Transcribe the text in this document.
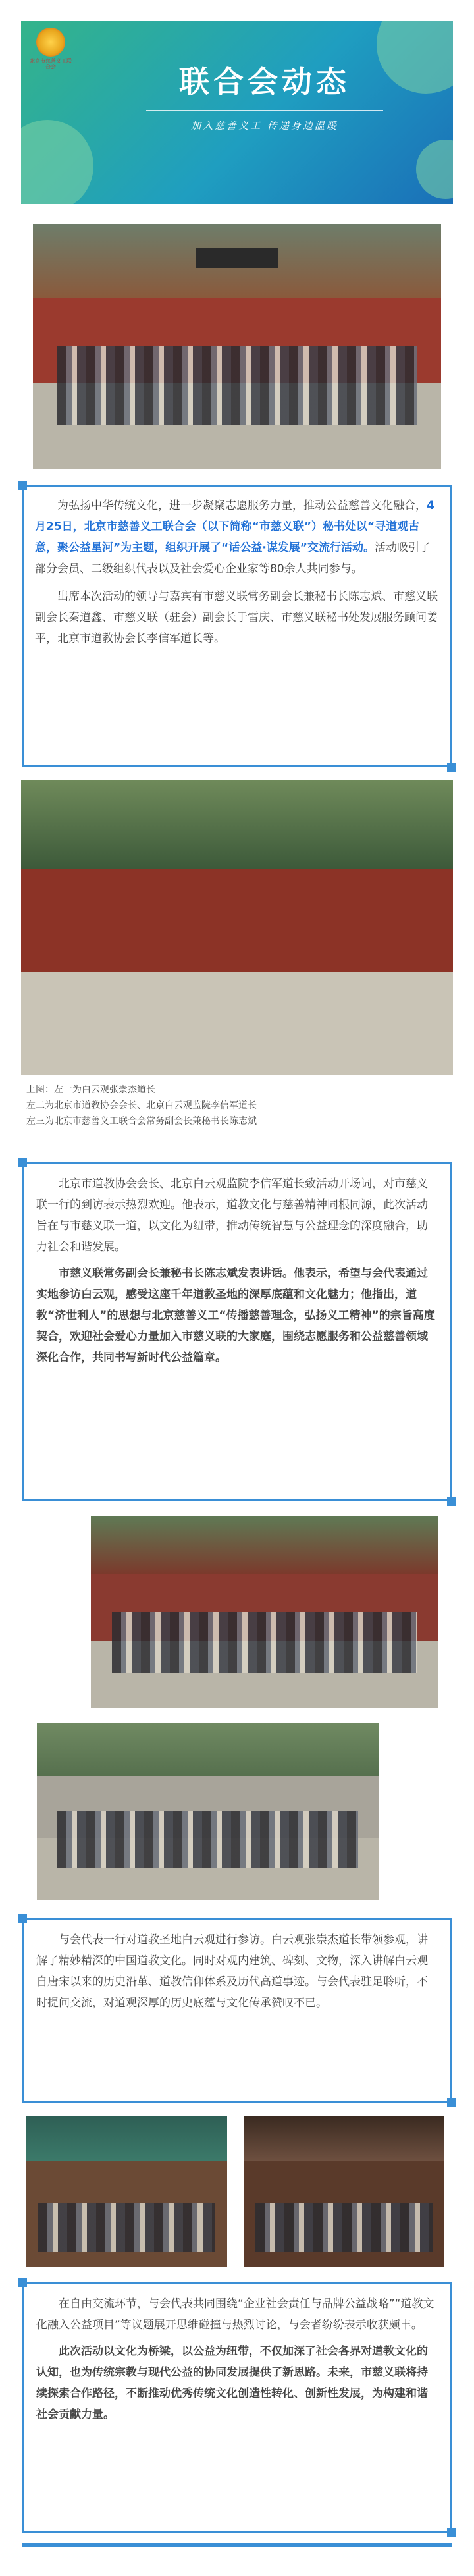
北京市慈善义工联合会	联合会动态
加入慈善义工 传递身边温暖

为弘扬中华传统文化，进一步凝聚志愿服务力量，推动公益慈善文化融合，4月25日，北京市慈善义工联合会（以下简称“市慈义联”）秘书处以“寻道观古意，聚公益星河”为主题，组织开展了“话公益·谋发展”交流行活动。活动吸引了部分会员、二级组织代表以及社会爱心企业家等80余人共同参与。

出席本次活动的领导与嘉宾有市慈义联常务副会长兼秘书长陈志斌、市慈义联副会长秦道鑫、市慈义联（驻会）副会长于雷庆、市慈义联秘书处发展服务顾问姜平，北京市道教协会长李信军道长等。

上图：左一为白云观张崇杰道长
左二为北京市道教协会会长、北京白云观监院李信军道长
左三为北京市慈善义工联合会常务副会长兼秘书长陈志斌

北京市道教协会会长、北京白云观监院李信军道长致活动开场词，对市慈义联一行的到访表示热烈欢迎。他表示，道教文化与慈善精神同根同源，此次活动旨在与市慈义联一道，以文化为纽带，推动传统智慧与公益理念的深度融合，助力社会和谐发展。

市慈义联常务副会长兼秘书长陈志斌发表讲话。他表示，希望与会代表通过实地参访白云观，感受这座千年道教圣地的深厚底蕴和文化魅力；他指出，道教“济世利人”的思想与北京慈善义工“传播慈善理念，弘扬义工精神”的宗旨高度契合，欢迎社会爱心力量加入市慈义联的大家庭，围绕志愿服务和公益慈善领域深化合作，共同书写新时代公益篇章。

与会代表一行对道教圣地白云观进行参访。白云观张崇杰道长带领参观，讲解了精妙精深的中国道教文化。同时对观内建筑、碑刻、文物，深入讲解白云观自唐宋以来的历史沿革、道教信仰体系及历代高道事迹。与会代表驻足聆听，不时提问交流，对道观深厚的历史底蕴与文化传承赞叹不已。

在自由交流环节，与会代表共同围绕“企业社会责任与品牌公益战略”“道教文化融入公益项目”等议题展开思维碰撞与热烈讨论，与会者纷纷表示收获颇丰。

此次活动以文化为桥梁，以公益为纽带，不仅加深了社会各界对道教文化的认知，也为传统宗教与现代公益的协同发展提供了新思路。未来，市慈义联将持续探索合作路径，不断推动优秀传统文化创造性转化、创新性发展，为构建和谐社会贡献力量。
